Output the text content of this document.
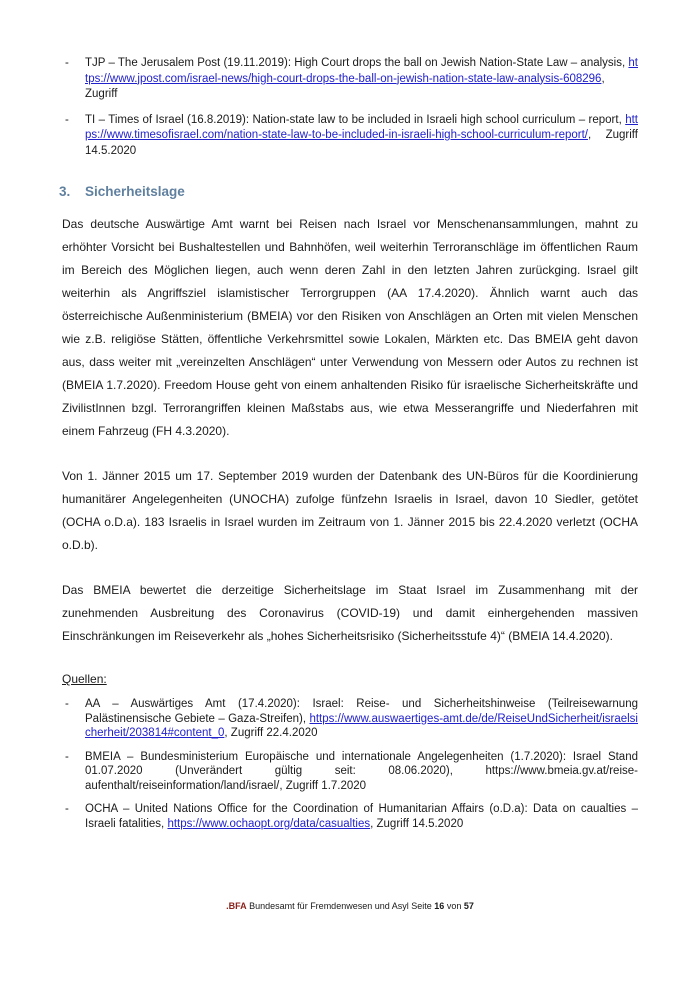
-	TJP – The Jerusalem Post (19.11.2019): High Court drops the ball on Jewish Nation-State Law – analysis, https://www.jpost.com/israel-news/high-court-drops-the-ball-on-jewish-nation-state-law-analysis-608296, Zugriff
-	TI – Times of Israel (16.8.2019): Nation-state law to be included in Israeli high school curriculum – report, https://www.timesofisrael.com/nation-state-law-to-be-included-in-israeli-high-school-curriculum-report/, Zugriff 14.5.2020
3.	Sicherheitslage

Das deutsche Auswärtige Amt warnt bei Reisen nach Israel vor Menschenansammlungen, mahnt zu erhöhter Vorsicht bei Bushaltestellen und Bahnhöfen, weil weiterhin Terroranschläge im öffentlichen Raum im Bereich des Möglichen liegen, auch wenn deren Zahl in den letzten Jahren zurückging. Israel gilt weiterhin als Angriffsziel islamistischer Terrorgruppen (AA 17.4.2020). Ähnlich warnt auch das österreichische Außenministerium (BMEIA) vor den Risiken von Anschlägen an Orten mit vielen Menschen wie z.B. religiöse Stätten, öffentliche Verkehrsmittel sowie Lokalen, Märkten etc. Das BMEIA geht davon aus, dass weiter mit „vereinzelten Anschlägen“ unter Verwendung von Messern oder Autos zu rechnen ist (BMEIA 1.7.2020). Freedom House geht von einem anhaltenden Risiko für israelische Sicherheitskräfte und ZivilistInnen bzgl. Terrorangriffen kleinen Maßstabs aus, wie etwa Messerangriffe und Niederfahren mit einem Fahrzeug (FH 4.3.2020).

Von 1. Jänner 2015 um 17. September 2019 wurden der Datenbank des UN-Büros für die Koordinierung humanitärer Angelegenheiten (UNOCHA) zufolge fünfzehn Israelis in Israel, davon 10 Siedler, getötet (OCHA o.D.a). 183 Israelis in Israel wurden im Zeitraum von 1. Jänner 2015 bis 22.4.2020 verletzt (OCHA o.D.b).

Das BMEIA bewertet die derzeitige Sicherheitslage im Staat Israel im Zusammenhang mit der zunehmenden Ausbreitung des Coronavirus (COVID-19) und damit einhergehenden massiven Einschränkungen im Reiseverkehr als „hohes Sicherheitsrisiko (Sicherheitsstufe 4)“ (BMEIA 14.4.2020).

Quellen:
-	AA – Auswärtiges Amt (17.4.2020): Israel: Reise- und Sicherheitshinweise (Teilreisewarnung Palästinensische Gebiete – Gaza-Streifen), https://www.auswaertiges-amt.de/de/ReiseUndSicherheit/israelsicherheit/203814#content_0, Zugriff 22.4.2020
-	BMEIA – Bundesministerium Europäische und internationale Angelegenheiten (1.7.2020): Israel Stand 01.07.2020 (Unverändert gültig seit: 08.06.2020), https://www.bmeia.gv.at/reise-aufenthalt/reiseinformation/land/israel/, Zugriff 1.7.2020
-	OCHA – United Nations Office for the Coordination of Humanitarian Affairs (o.D.a): Data on caualties – Israeli fatalities, https://www.ochaopt.org/data/casualties, Zugriff 14.5.2020
.BFA Bundesamt für Fremdenwesen und Asyl Seite 16 von 57
